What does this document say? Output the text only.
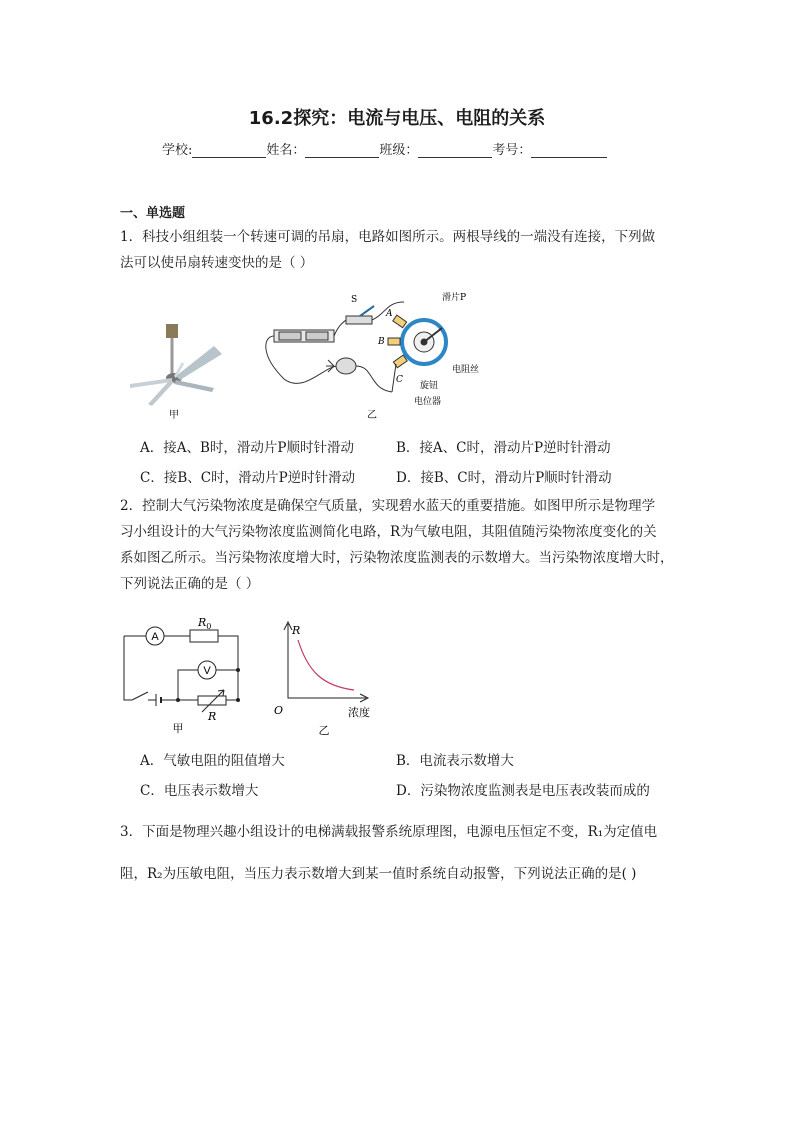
16.2探究：电流与电压、电阻的关系
学校:	姓名：	班级：	考号：
一、单选题
1．科技小组组装一个转速可调的吊扇，电路如图所示。两根导线的一端没有连接，下列做
法可以使吊扇转速变快的是（ ）
甲
S
A
B
C
滑片P
电阻丝
旋钮
电位器
乙
A．接A、B时，滑动片P顺时针滑动	B．接A、C时，滑动片P逆时针滑动
C．接B、C时，滑动片P逆时针滑动	D．接B、C时，滑动片P顺时针滑动
2．控制大气污染物浓度是确保空气质量，实现碧水蓝天的重要措施。如图甲所示是物理学
习小组设计的大气污染物浓度监测简化电路，R为气敏电阻，其阻值随污染物浓度变化的关
系如图乙所示。当污染物浓度增大时，污染物浓度监测表的示数增大。当污染物浓度增大时，
下列说法正确的是（ ）
A
V
$R_0$
R
甲
R
O	浓度
乙
A．气敏电阻的阻值增大	B．电流表示数增大
C．电压表示数增大	D．污染物浓度监测表是电压表改装而成的
3．下面是物理兴趣小组设计的电梯满载报警系统原理图，电源电压恒定不变，R₁为定值电
阻，R₂为压敏电阻，当压力表示数增大到某一值时系统自动报警，下列说法正确的是( )
